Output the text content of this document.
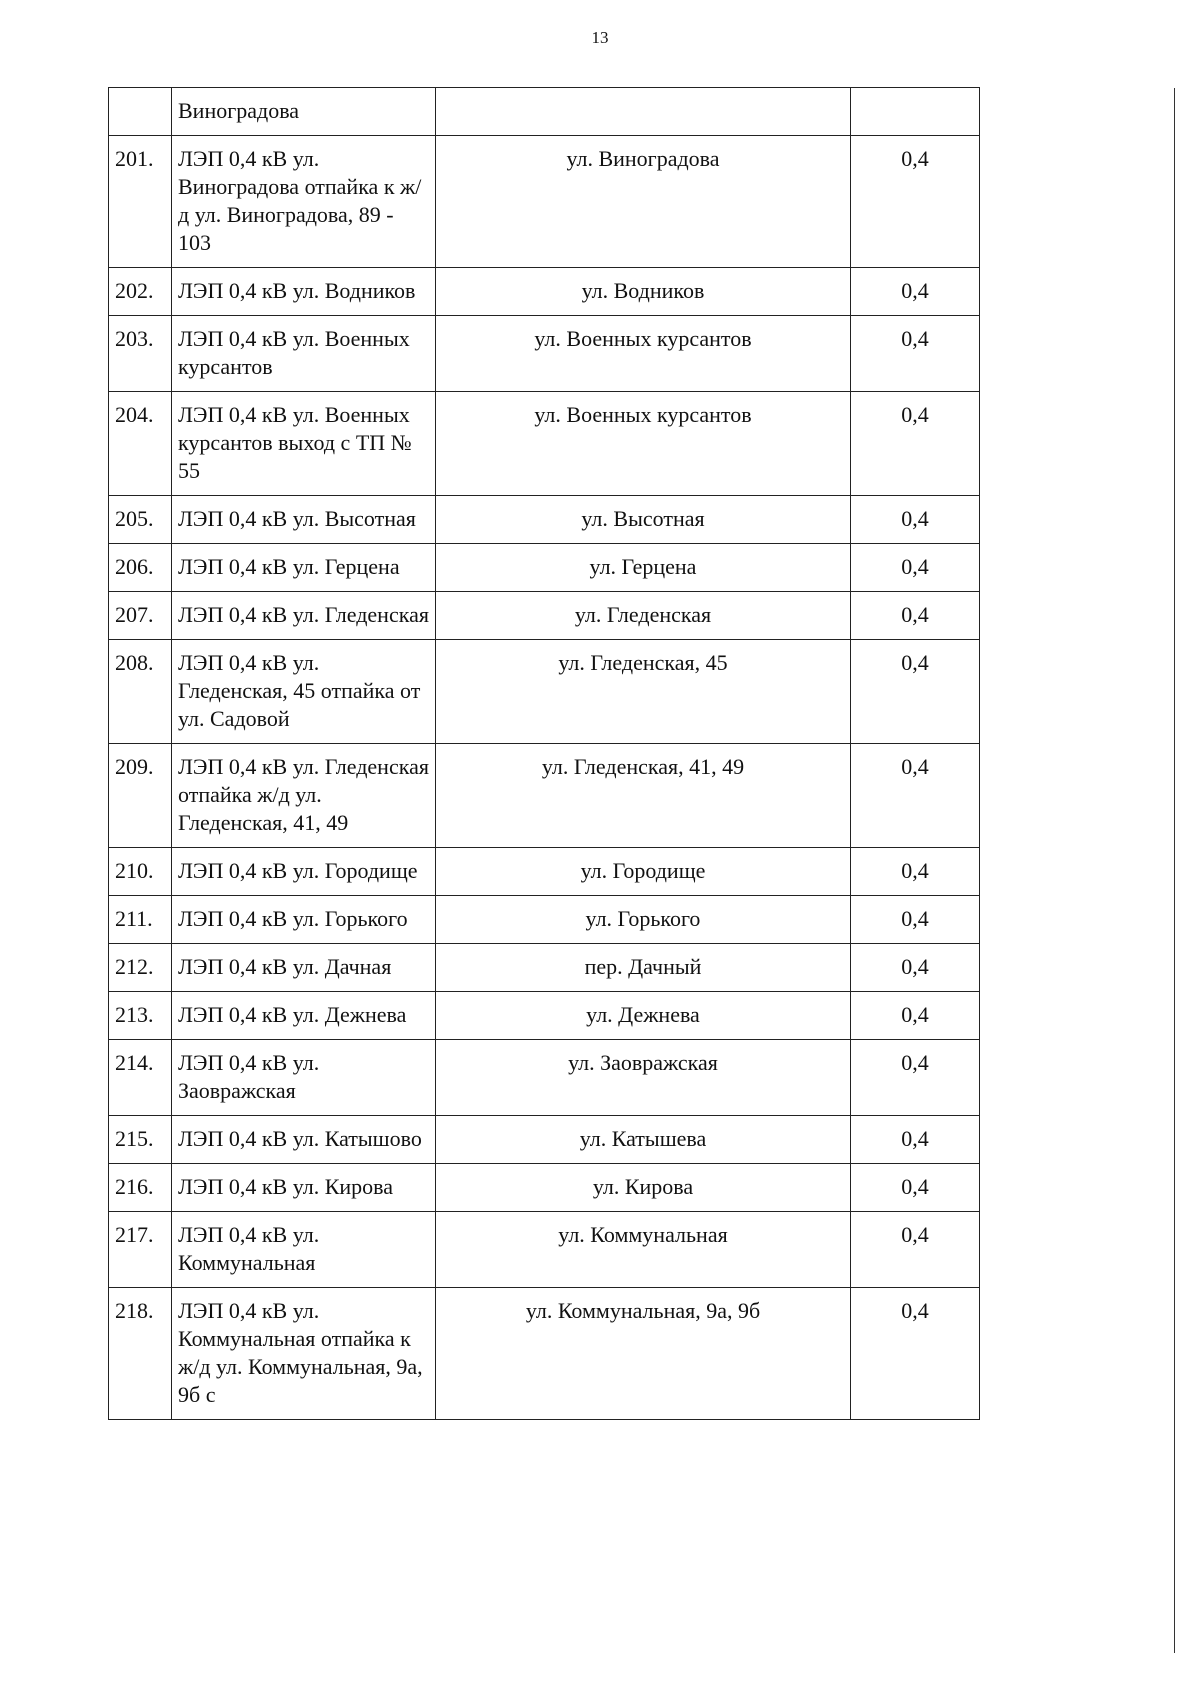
13
	Виноградова		
201.	ЛЭП 0,4 кВ ул. Виноградова отпайка к ж/д ул. Виноградова, 89 - 103	ул. Виноградова	0,4
202.	ЛЭП 0,4 кВ ул. Водников	ул. Водников	0,4
203.	ЛЭП 0,4 кВ ул. Военных курсантов	ул. Военных курсантов	0,4
204.	ЛЭП 0,4 кВ ул. Военных курсантов выход с ТП № 55	ул. Военных курсантов	0,4
205.	ЛЭП 0,4 кВ ул. Высотная	ул. Высотная	0,4
206.	ЛЭП 0,4 кВ ул. Герцена	ул. Герцена	0,4
207.	ЛЭП 0,4 кВ ул. Гледенская	ул. Гледенская	0,4
208.	ЛЭП 0,4 кВ ул. Гледенская, 45 отпайка от ул. Садовой	ул. Гледенская, 45	0,4
209.	ЛЭП 0,4 кВ ул. Гледенская отпайка ж/д ул. Гледенская, 41, 49	ул. Гледенская, 41, 49	0,4
210.	ЛЭП 0,4 кВ ул. Городище	ул. Городище	0,4
211.	ЛЭП 0,4 кВ ул. Горького	ул. Горького	0,4
212.	ЛЭП 0,4 кВ ул. Дачная	пер. Дачный	0,4
213.	ЛЭП 0,4 кВ ул. Дежнева	ул. Дежнева	0,4
214.	ЛЭП 0,4 кВ ул. Заовражская	ул. Заовражская	0,4
215.	ЛЭП 0,4 кВ ул. Катышово	ул. Катышева	0,4
216.	ЛЭП 0,4 кВ ул. Кирова	ул. Кирова	0,4
217.	ЛЭП 0,4 кВ ул. Коммунальная	ул. Коммунальная	0,4
218.	ЛЭП 0,4 кВ ул. Коммунальная отпайка к ж/д ул. Коммунальная, 9а, 9б с	ул. Коммунальная, 9а, 9б	0,4
